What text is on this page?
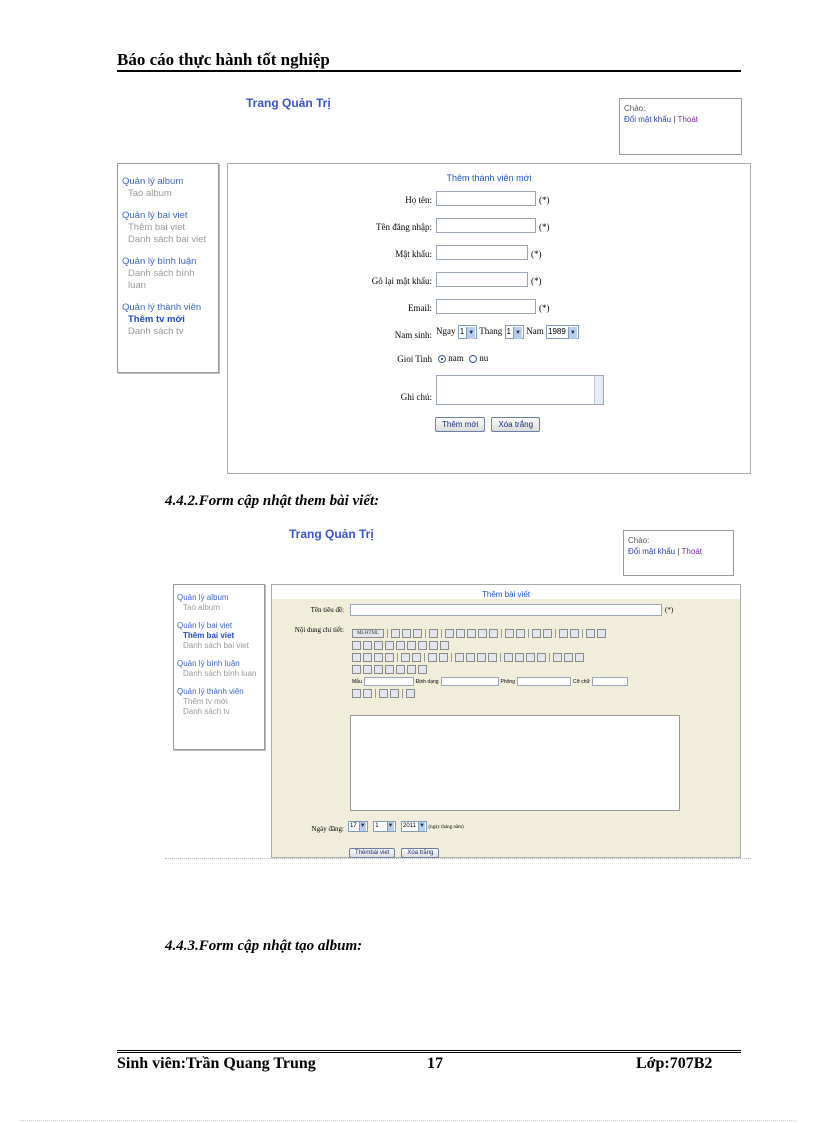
Báo cáo thực hành tốt nghiệp
Trang Quản Trị	Chào:
Đổi mật khẩu | Thoát
Quản lý album
Tao album
Quản lý bai viet
Thêm bai viet
Danh sách bai viet
Quản lý bình luận
Danh sách bình luan
Quản lý thành viên
Thêm tv mới
Danh sách tv
Thêm thành viên mới
Họ tên:	(*)
Tên đăng nhập:	(*)
Mật khẩu:	(*)
Gõ lại mật khẩu:	(*)
Email:	(*)
Nam sinh: Ngay 1 ▼ Thang 1 ▼ Nam 1989 ▼
Gioi Tinh	nam nu
Ghi chú:
Thêm mới	Xóa trắng
4.4.2.Form cập nhật them bài viết:
Trang Quản Trị	Chào:
Đổi mật khẩu | Thoát
Quản lý album
Tao album
Quản lý bai viet
Thêm bai viet
Danh sách bai viet
Quản lý bình luận
Danh sách bình luan
Quản lý thành viên
Thêm tv mới
Danh sách tv
Thêm bài viết
Tên tiêu đề:	(*)
Nội dung chi tiết:	Mã HTML
Mẫu	Định dạng	Phông	Cỡ chữ
Ngày đăng:	17 ▼ 1 ▼ 2011 ▼ (ngày tháng năm)
Thêmbài viet	Xóa trắng
4.4.3.Form cập nhật tạo album:
Sinh viên:Trần Quang Trung	17	Lớp:707B2
